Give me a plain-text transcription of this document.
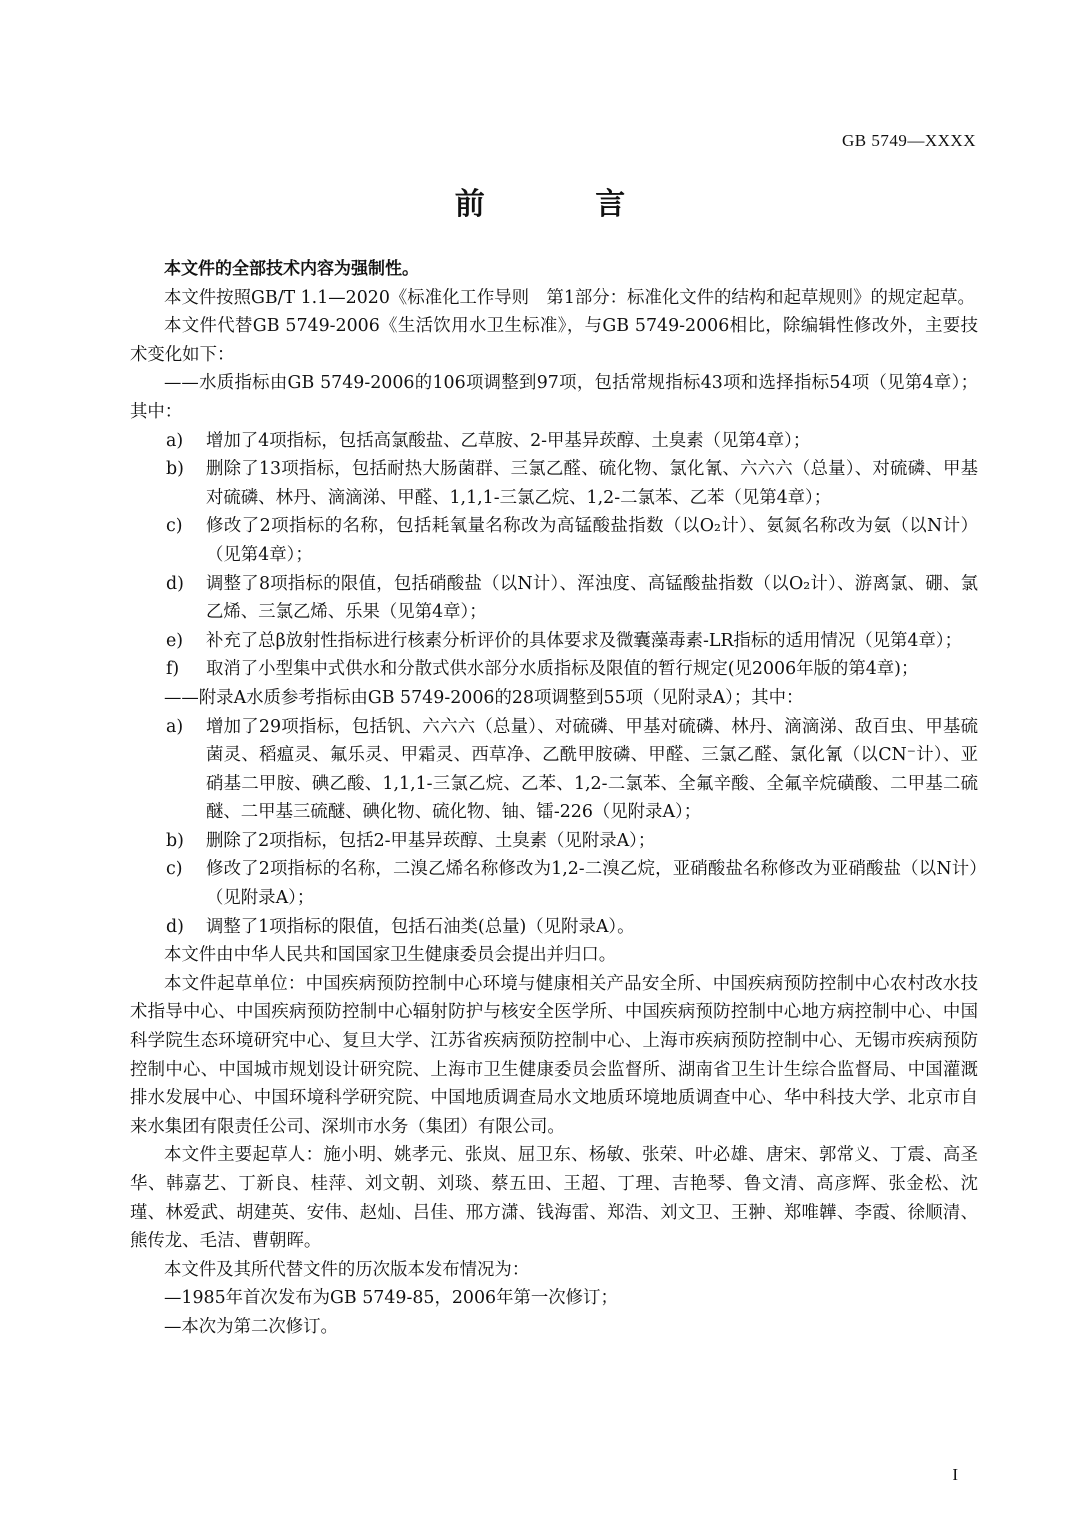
GB 5749—XXXX
前 言

本文件的全部技术内容为强制性。

本文件按照GB/T 1.1—2020《标准化工作导则　第1部分：标准化文件的结构和起草规则》的规定起草。

本文件代替GB 5749-2006《生活饮用水卫生标准》，与GB 5749-2006相比，除编辑性修改外，主要技术变化如下：

——水质指标由GB 5749-2006的106项调整到97项，包括常规指标43项和选择指标54项（见第4章）；其中：

a) 增加了4项指标，包括高氯酸盐、乙草胺、2-甲基异莰醇、土臭素（见第4章）；

b) 删除了13项指标，包括耐热大肠菌群、三氯乙醛、硫化物、氯化氰、六六六（总量）、对硫磷、甲基对硫磷、林丹、滴滴涕、甲醛、1,1,1-三氯乙烷、1,2-二氯苯、乙苯（见第4章）；

c) 修改了2项指标的名称，包括耗氧量名称改为高锰酸盐指数（以O₂计）、氨氮名称改为氨（以N计）（见第4章）；

d) 调整了8项指标的限值，包括硝酸盐（以N计）、浑浊度、高锰酸盐指数（以O₂计）、游离氯、硼、氯乙烯、三氯乙烯、乐果（见第4章）；

e) 补充了总β放射性指标进行核素分析评价的具体要求及微囊藻毒素-LR指标的适用情况（见第4章）；

f) 取消了小型集中式供水和分散式供水部分水质指标及限值的暂行规定(见2006年版的第4章)；

——附录A水质参考指标由GB 5749-2006的28项调整到55项（见附录A）；其中：

a) 增加了29项指标，包括钒、六六六（总量）、对硫磷、甲基对硫磷、林丹、滴滴涕、敌百虫、甲基硫菌灵、稻瘟灵、氟乐灵、甲霜灵、西草净、乙酰甲胺磷、甲醛、三氯乙醛、氯化氰（以CN⁻计）、亚硝基二甲胺、碘乙酸、1,1,1-三氯乙烷、乙苯、1,2-二氯苯、全氟辛酸、全氟辛烷磺酸、二甲基二硫醚、二甲基三硫醚、碘化物、硫化物、铀、镭-226（见附录A）；

b) 删除了2项指标，包括2-甲基异莰醇、土臭素（见附录A）；

c) 修改了2项指标的名称，二溴乙烯名称修改为1,2-二溴乙烷，亚硝酸盐名称修改为亚硝酸盐（以N计）（见附录A）；

d) 调整了1项指标的限值，包括石油类(总量)（见附录A）。

本文件由中华人民共和国国家卫生健康委员会提出并归口。

本文件起草单位：中国疾病预防控制中心环境与健康相关产品安全所、中国疾病预防控制中心农村改水技术指导中心、中国疾病预防控制中心辐射防护与核安全医学所、中国疾病预防控制中心地方病控制中心、中国科学院生态环境研究中心、复旦大学、江苏省疾病预防控制中心、上海市疾病预防控制中心、无锡市疾病预防控制中心、中国城市规划设计研究院、上海市卫生健康委员会监督所、湖南省卫生计生综合监督局、中国灌溉排水发展中心、中国环境科学研究院、中国地质调查局水文地质环境地质调查中心、华中科技大学、北京市自来水集团有限责任公司、深圳市水务（集团）有限公司。

本文件主要起草人：施小明、姚孝元、张岚、屈卫东、杨敏、张荣、叶必雄、唐宋、郭常义、丁震、高圣华、韩嘉艺、丁新良、桂萍、刘文朝、刘琰、蔡五田、王超、丁理、吉艳琴、鲁文清、高彦辉、张金松、沈瑾、林爱武、胡建英、安伟、赵灿、吕佳、邢方潇、钱海雷、郑浩、刘文卫、王翀、郑唯韡、李霞、徐顺清、熊传龙、毛洁、曹朝晖。

本文件及其所代替文件的历次版本发布情况为：

—1985年首次发布为GB 5749-85，2006年第一次修订；

—本次为第二次修订。

I
